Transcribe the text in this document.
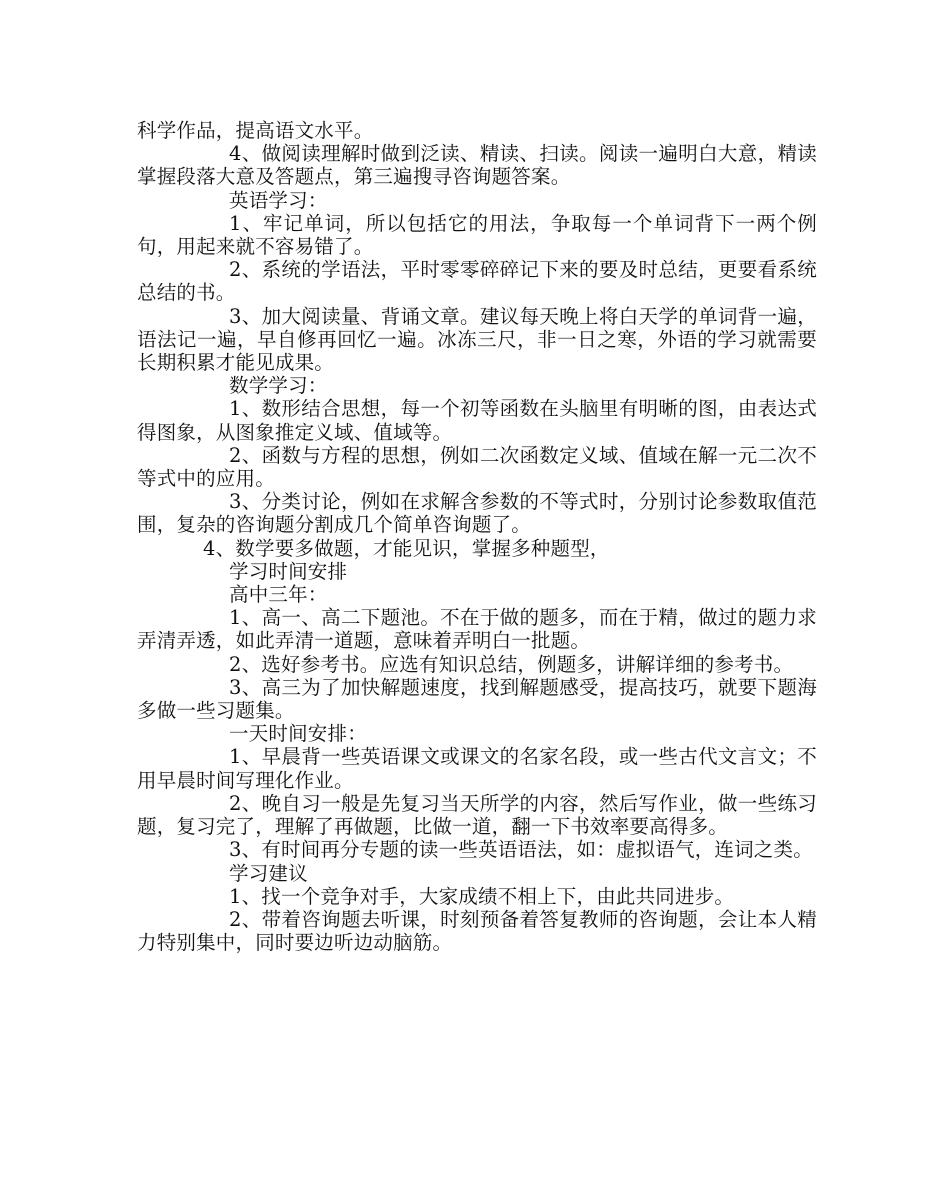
科学作品，提高语文水平。

4、做阅读理解时做到泛读、精读、扫读。阅读一遍明白大意，精读掌握段落大意及答题点，第三遍搜寻咨询题答案。

英语学习：

1、牢记单词，所以包括它的用法，争取每一个单词背下一两个例句，用起来就不容易错了。

2、系统的学语法，平时零零碎碎记下来的要及时总结，更要看系统总结的书。

3、加大阅读量、背诵文章。建议每天晚上将白天学的单词背一遍，语法记一遍，早自修再回忆一遍。冰冻三尺，非一日之寒，外语的学习就需要长期积累才能见成果。

数学学习：

1、数形结合思想，每一个初等函数在头脑里有明晰的图，由表达式得图象，从图象推定义域、值域等。

2、函数与方程的思想，例如二次函数定义域、值域在解一元二次不等式中的应用。

3、分类讨论，例如在求解含参数的不等式时，分别讨论参数取值范围，复杂的咨询题分割成几个简单咨询题了。

4、数学要多做题，才能见识，掌握多种题型，

学习时间安排

高中三年：

1、高一、高二下题池。不在于做的题多，而在于精，做过的题力求弄清弄透，如此弄清一道题，意味着弄明白一批题。

2、选好参考书。应选有知识总结，例题多，讲解详细的参考书。

3、高三为了加快解题速度，找到解题感受，提高技巧，就要下题海多做一些习题集。

一天时间安排：

1、早晨背一些英语课文或课文的名家名段，或一些古代文言文；不用早晨时间写理化作业。

2、晚自习一般是先复习当天所学的内容，然后写作业，做一些练习题，复习完了，理解了再做题，比做一道，翻一下书效率要高得多。

3、有时间再分专题的读一些英语语法，如：虚拟语气，连词之类。

学习建议

1、找一个竞争对手，大家成绩不相上下，由此共同进步。

2、带着咨询题去听课，时刻预备着答复教师的咨询题，会让本人精力特别集中，同时要边听边动脑筋。
